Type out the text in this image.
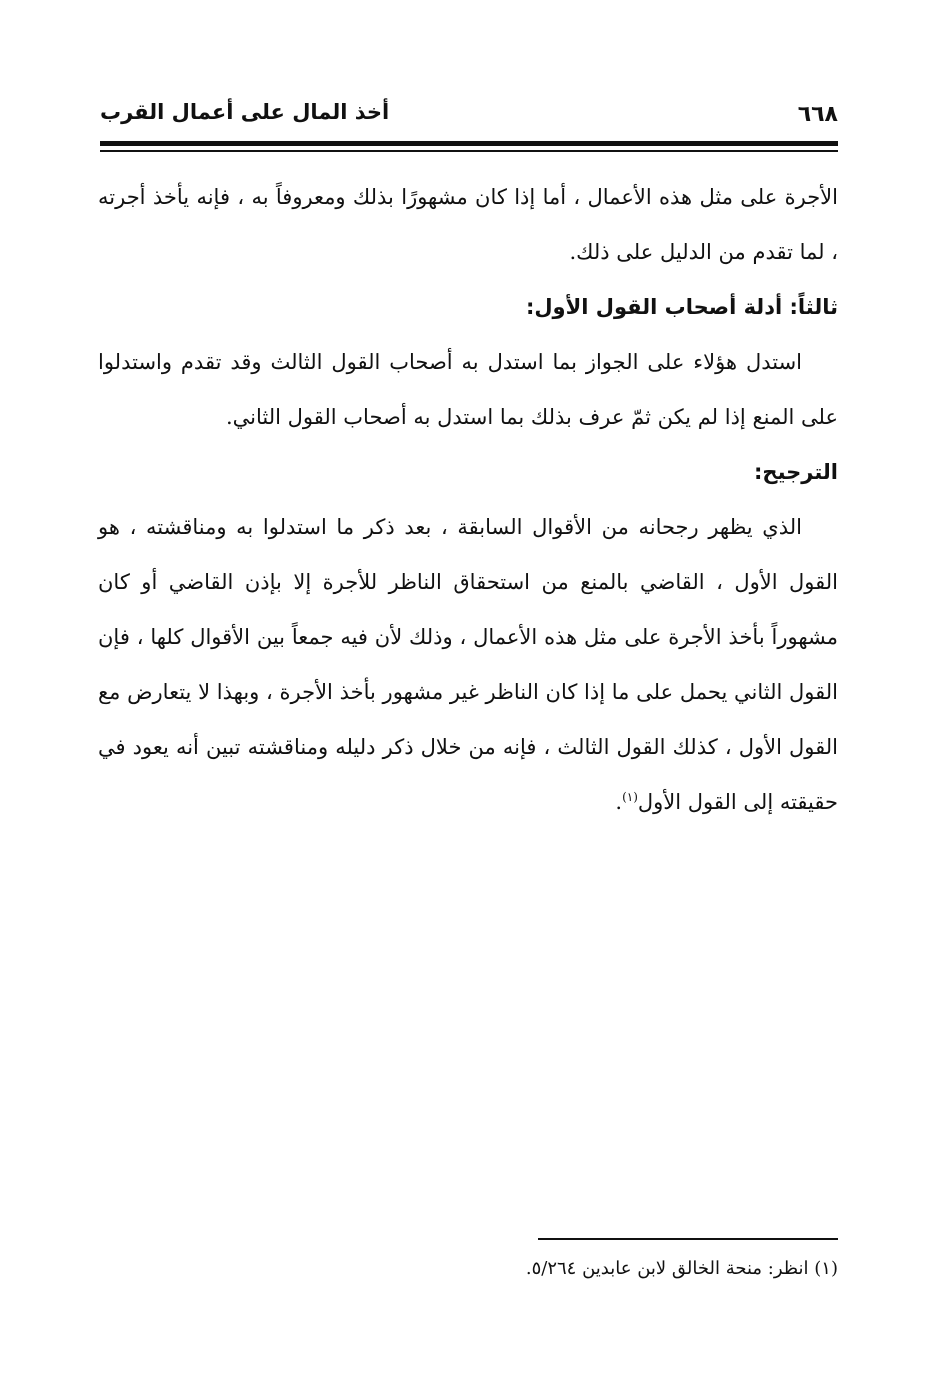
٦٦٨
أخذ المال على أعمال القرب

الأجرة على مثل هذه الأعمال ، أما إذا كان مشهورًا بذلك ومعروفاً به ، فإنه يأخذ أجرته ، لما تقدم من الدليل على ذلك.

ثالثاً: أدلة أصحاب القول الأول:

استدل هؤلاء على الجواز بما استدل به أصحاب القول الثالث وقد تقدم واستدلوا على المنع إذا لم يكن ثمّ عرف بذلك بما استدل به أصحاب القول الثاني.

الترجيح:

الذي يظهر رجحانه من الأقوال السابقة ، بعد ذكر ما استدلوا به ومناقشته ، هو القول الأول ، القاضي بالمنع من استحقاق الناظر للأجرة إلا بإذن القاضي أو كان مشهوراً بأخذ الأجرة على مثل هذه الأعمال ، وذلك لأن فيه جمعاً بين الأقوال كلها ، فإن القول الثاني يحمل على ما إذا كان الناظر غير مشهور بأخذ الأجرة ، وبهذا لا يتعارض مع القول الأول ، كذلك القول الثالث ، فإنه من خلال ذكر دليله ومناقشته تبين أنه يعود في حقيقته إلى القول الأول$^{(١)}$.

(١) انظر: منحة الخالق لابن عابدين ٥/٢٦٤.
